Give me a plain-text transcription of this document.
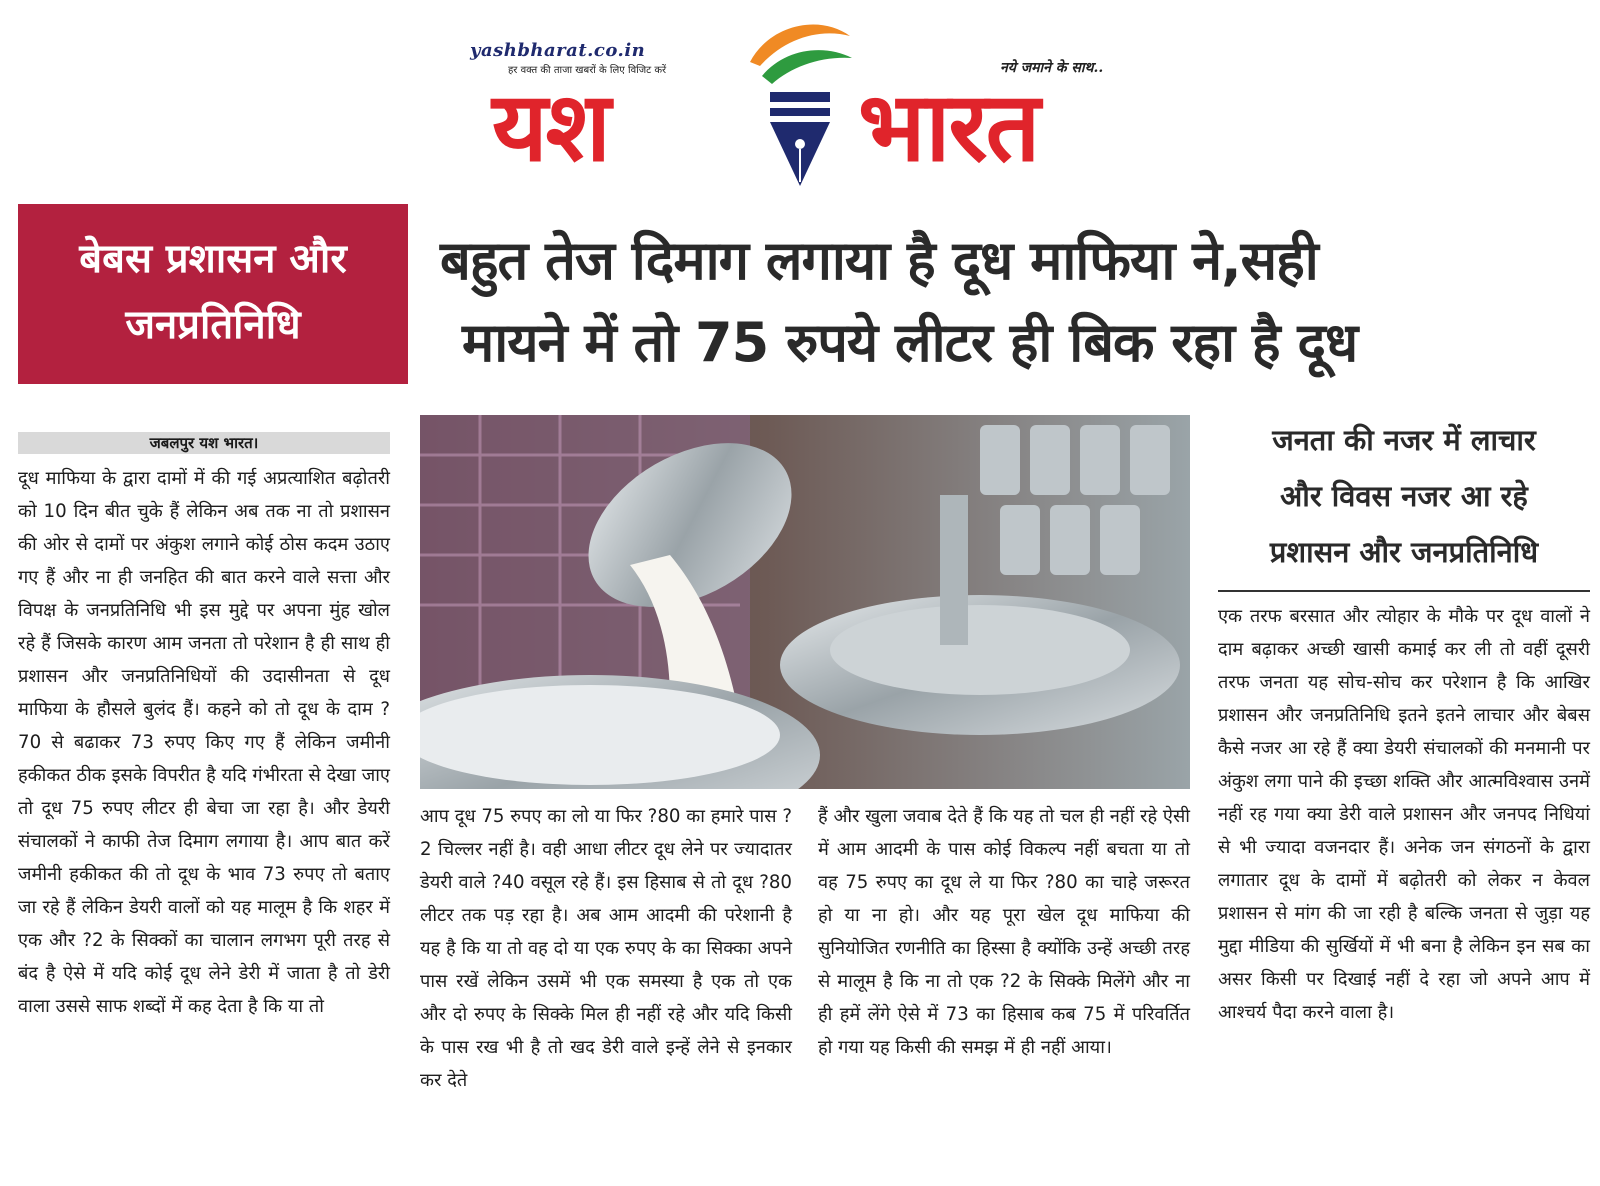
yashbharat.co.in
हर वक्त की ताजा खबरों के लिए विजिट करें	नये जमाने के साथ..
यश	भारत
बेबस प्रशासन और
जनप्रतिनिधि
बहुत तेज दिमाग लगाया है दूध माफिया ने,सही
मायने में तो 75 रुपये लीटर ही बिक रहा है दूध
जबलपुर यश भारत।
दूध माफिया के द्वारा दामों में की गई अप्रत्याशित बढ़ोतरी को 10 दिन बीत चुके हैं लेकिन अब तक ना तो प्रशासन की ओर से दामों पर अंकुश लगाने कोई ठोस कदम उठाए गए हैं और ना ही जनहित की बात करने वाले सत्ता और विपक्ष के जनप्रतिनिधि भी इस मुद्दे पर अपना मुंह खोल रहे हैं जिसके कारण आम जनता तो परेशान है ही साथ ही प्रशासन और जनप्रतिनिधियों की उदासीनता से दूध माफिया के हौसले बुलंद हैं। कहने को तो दूध के दाम ?70 से बढाकर 73 रुपए किए गए हैं लेकिन जमीनी हकीकत ठीक इसके विपरीत है यदि गंभीरता से देखा जाए तो दूध 75 रुपए लीटर ही बेचा जा रहा है। और डेयरी संचालकों ने काफी तेज दिमाग लगाया है। आप बात करें जमीनी हकीकत की तो दूध के भाव 73 रुपए तो बताए जा रहे हैं लेकिन डेयरी वालों को यह मालूम है कि शहर में एक और ?2 के सिक्कों का चालान लगभग पूरी तरह से बंद है ऐसे में यदि कोई दूध लेने डेरी में जाता है तो डेरी वाला उससे साफ शब्दों में कह देता है कि या तो
आप दूध 75 रुपए का लो या फिर ?80 का हमारे पास ?2 चिल्लर नहीं है। वही आधा लीटर दूध लेने पर ज्यादातर डेयरी वाले ?40 वसूल रहे हैं। इस हिसाब से तो दूध ?80 लीटर तक पड़ रहा है। अब आम आदमी की परेशानी है यह है कि या तो वह दो या एक रुपए के का सिक्का अपने पास रखें लेकिन उसमें भी एक समस्या है एक तो एक और दो रुपए के सिक्के मिल ही नहीं रहे और यदि किसी के पास रख भी है तो खद डेरी वाले इन्हें लेने से इनकार कर देते
हैं और खुला जवाब देते हैं कि यह तो चल ही नहीं रहे ऐसी में आम आदमी के पास कोई विकल्प नहीं बचता या तो वह 75 रुपए का दूध ले या फिर ?80 का चाहे जरूरत हो या ना हो। और यह पूरा खेल दूध माफिया की सुनियोजित रणनीति का हिस्सा है क्योंकि उन्हें अच्छी तरह से मालूम है कि ना तो एक ?2 के सिक्के मिलेंगे और ना ही हमें लेंगे ऐसे में 73 का हिसाब कब 75 में परिवर्तित हो गया यह किसी की समझ में ही नहीं आया।
जनता की नजर में लाचार
और विवस नजर आ रहे
प्रशासन और जनप्रतिनिधि
एक तरफ बरसात और त्योहार के मौके पर दूध वालों ने दाम बढ़ाकर अच्छी खासी कमाई कर ली तो वहीं दूसरी तरफ जनता यह सोच-सोच कर परेशान है कि आखिर प्रशासन और जनप्रतिनिधि इतने इतने लाचार और बेबस कैसे नजर आ रहे हैं क्या डेयरी संचालकों की मनमानी पर अंकुश लगा पाने की इच्छा शक्ति और आत्मविश्वास उनमें नहीं रह गया क्या डेरी वाले प्रशासन और जनपद निधियां से भी ज्यादा वजनदार हैं। अनेक जन संगठनों के द्वारा लगातार दूध के दामों में बढ़ोतरी को लेकर न केवल प्रशासन से मांग की जा रही है बल्कि जनता से जुड़ा यह मुद्दा मीडिया की सुर्खियों में भी बना है लेकिन इन सब का असर किसी पर दिखाई नहीं दे रहा जो अपने आप में आश्चर्य पैदा करने वाला है।
